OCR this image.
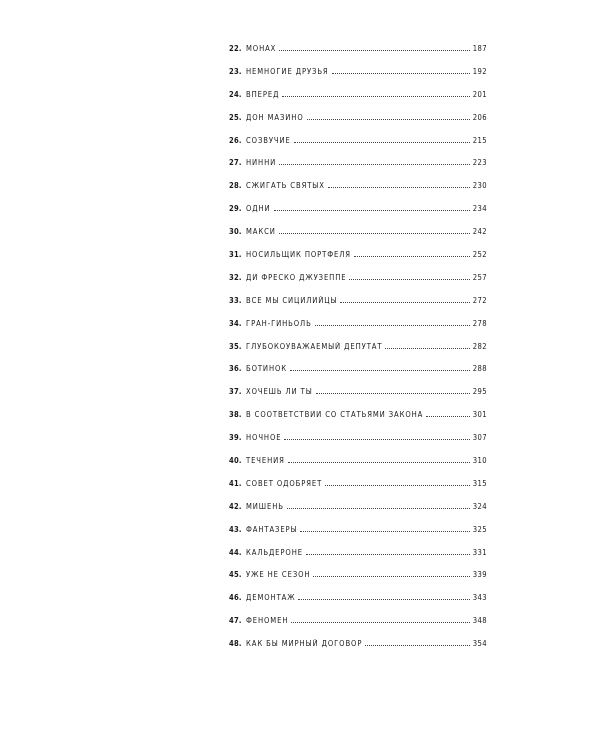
22. МОНАХ	187
23. НЕМНОГИЕ ДРУЗЬЯ	192
24. ВПЕРЕД	201
25. ДОН МАЗИНО	206
26. СОЗВУЧИЕ	215
27. НИННИ	223
28. СЖИГАТЬ СВЯТЫХ	230
29. ОДНИ	234
30. МАКСИ	242
31. НОСИЛЬЩИК ПОРТФЕЛЯ	252
32. ДИ ФРЕСКО ДЖУЗЕППЕ	257
33. ВСЕ МЫ СИЦИЛИЙЦЫ	272
34. ГРАН-ГИНЬОЛЬ	278
35. ГЛУБОКОУВАЖАЕМЫЙ ДЕПУТАТ	282
36. БОТИНОК	288
37. ХОЧЕШЬ ЛИ ТЫ	295
38. В СООТВЕТСТВИИ СО СТАТЬЯМИ ЗАКОНА	301
39. НОЧНОЕ	307
40. ТЕЧЕНИЯ	310
41. СОВЕТ ОДОБРЯЕТ	315
42. МИШЕНЬ	324
43. ФАНТАЗЕРЫ	325
44. КАЛЬДЕРОНЕ	331
45. УЖЕ НЕ СЕЗОН	339
46. ДЕМОНТАЖ	343
47. ФЕНОМЕН	348
48. КАК БЫ МИРНЫЙ ДОГОВОР	354
